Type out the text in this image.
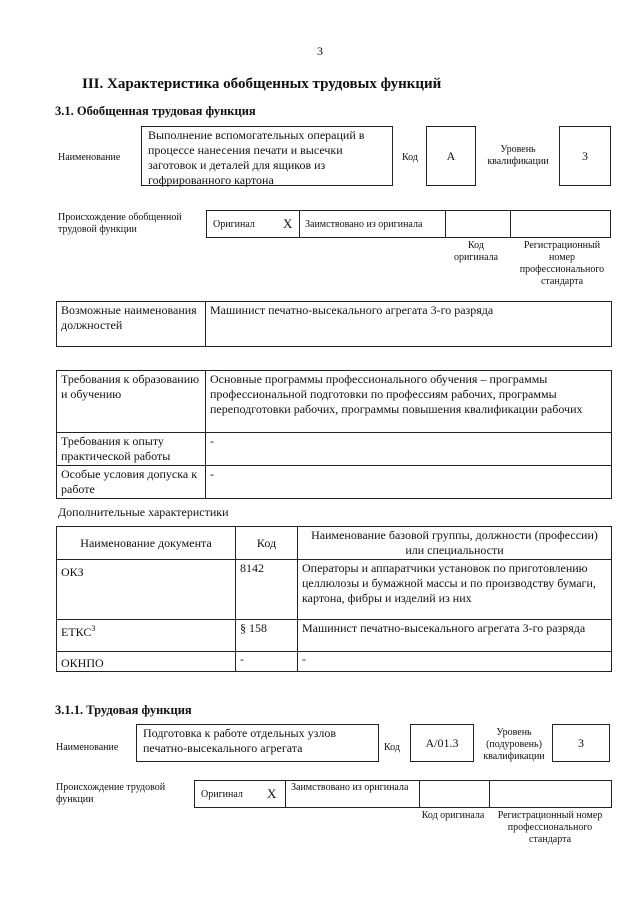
3
III. Характеристика обобщенных трудовых функций
3.1. Обобщенная трудовая функция
Наименование
Выполнение вспомогательных операций в процессе нанесения печати и высечки заготовок и деталей для ящиков из гофрированного картона
Код	A	Уровень квалификации	3
Происхождение обобщенной трудовой функции	Оригинал X Заимствовано из оригинала
Код оригинала
Регистрационный номер профессионального стандарта
Возможные наименования должностей	Машинист печатно-высекального агрегата 3-го разряда
Требования к образованию и обучению	Основные программы профессионального обучения – программы профессиональной подготовки по профессиям рабочих, программы переподготовки рабочих, программы повышения квалификации рабочих
Требования к опыту практической работы	-
Особые условия допуска к работе	-
Дополнительные характеристики
Наименование документа	Код	Наименование базовой группы, должности (профессии) или специальности
ОКЗ	8142	Операторы и аппаратчики установок по приготовлению целлюлозы и бумажной массы и по производству бумаги, картона, фибры и изделий из них
ЕТКС$^3$	§ 158	Машинист печатно-высекального агрегата 3-го разряда
ОКНПО	-	-
3.1.1. Трудовая функция
Наименование
Подготовка к работе отдельных узлов печатно-высекального агрегата	Код	A/01.3
Уровень (подуровень) квалификации
3
Происхождение трудовой функции	Оригинал X Заимствовано из оригинала
Код оригинала	Регистрационный номер профессионального стандарта
